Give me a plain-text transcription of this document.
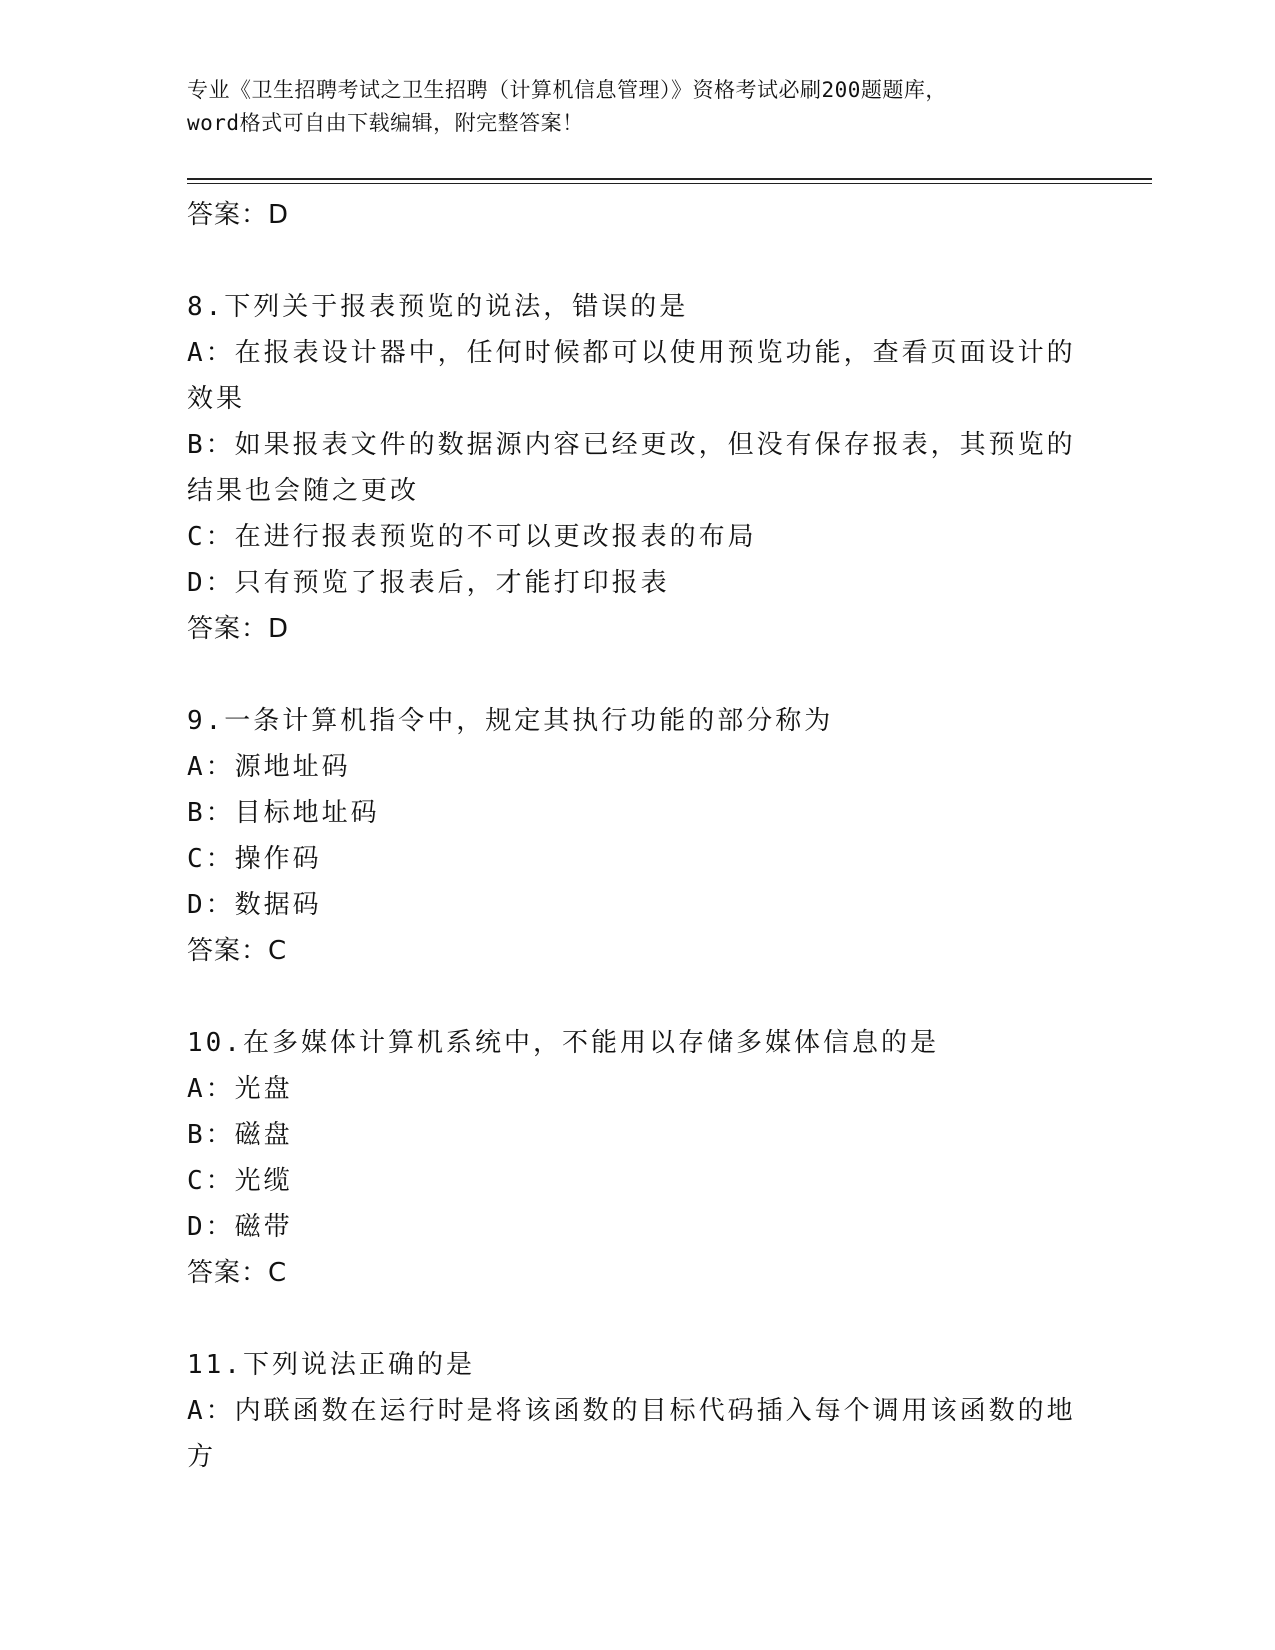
专业《卫生招聘考试之卫生招聘（计算机信息管理）》资格考试必刷200题题库，
word格式可自由下载编辑，附完整答案！
答案：D
8.下列关于报表预览的说法，错误的是
A：在报表设计器中，任何时候都可以使用预览功能，查看页面设计的
效果
B：如果报表文件的数据源内容已经更改，但没有保存报表，其预览的
结果也会随之更改
C：在进行报表预览的不可以更改报表的布局
D：只有预览了报表后，才能打印报表
答案：D
9.一条计算机指令中，规定其执行功能的部分称为
A：源地址码
B：目标地址码
C：操作码
D：数据码
答案：C
10.在多媒体计算机系统中，不能用以存储多媒体信息的是
A：光盘
B：磁盘
C：光缆
D：磁带
答案：C
11.下列说法正确的是
A：内联函数在运行时是将该函数的目标代码插入每个调用该函数的地
方
